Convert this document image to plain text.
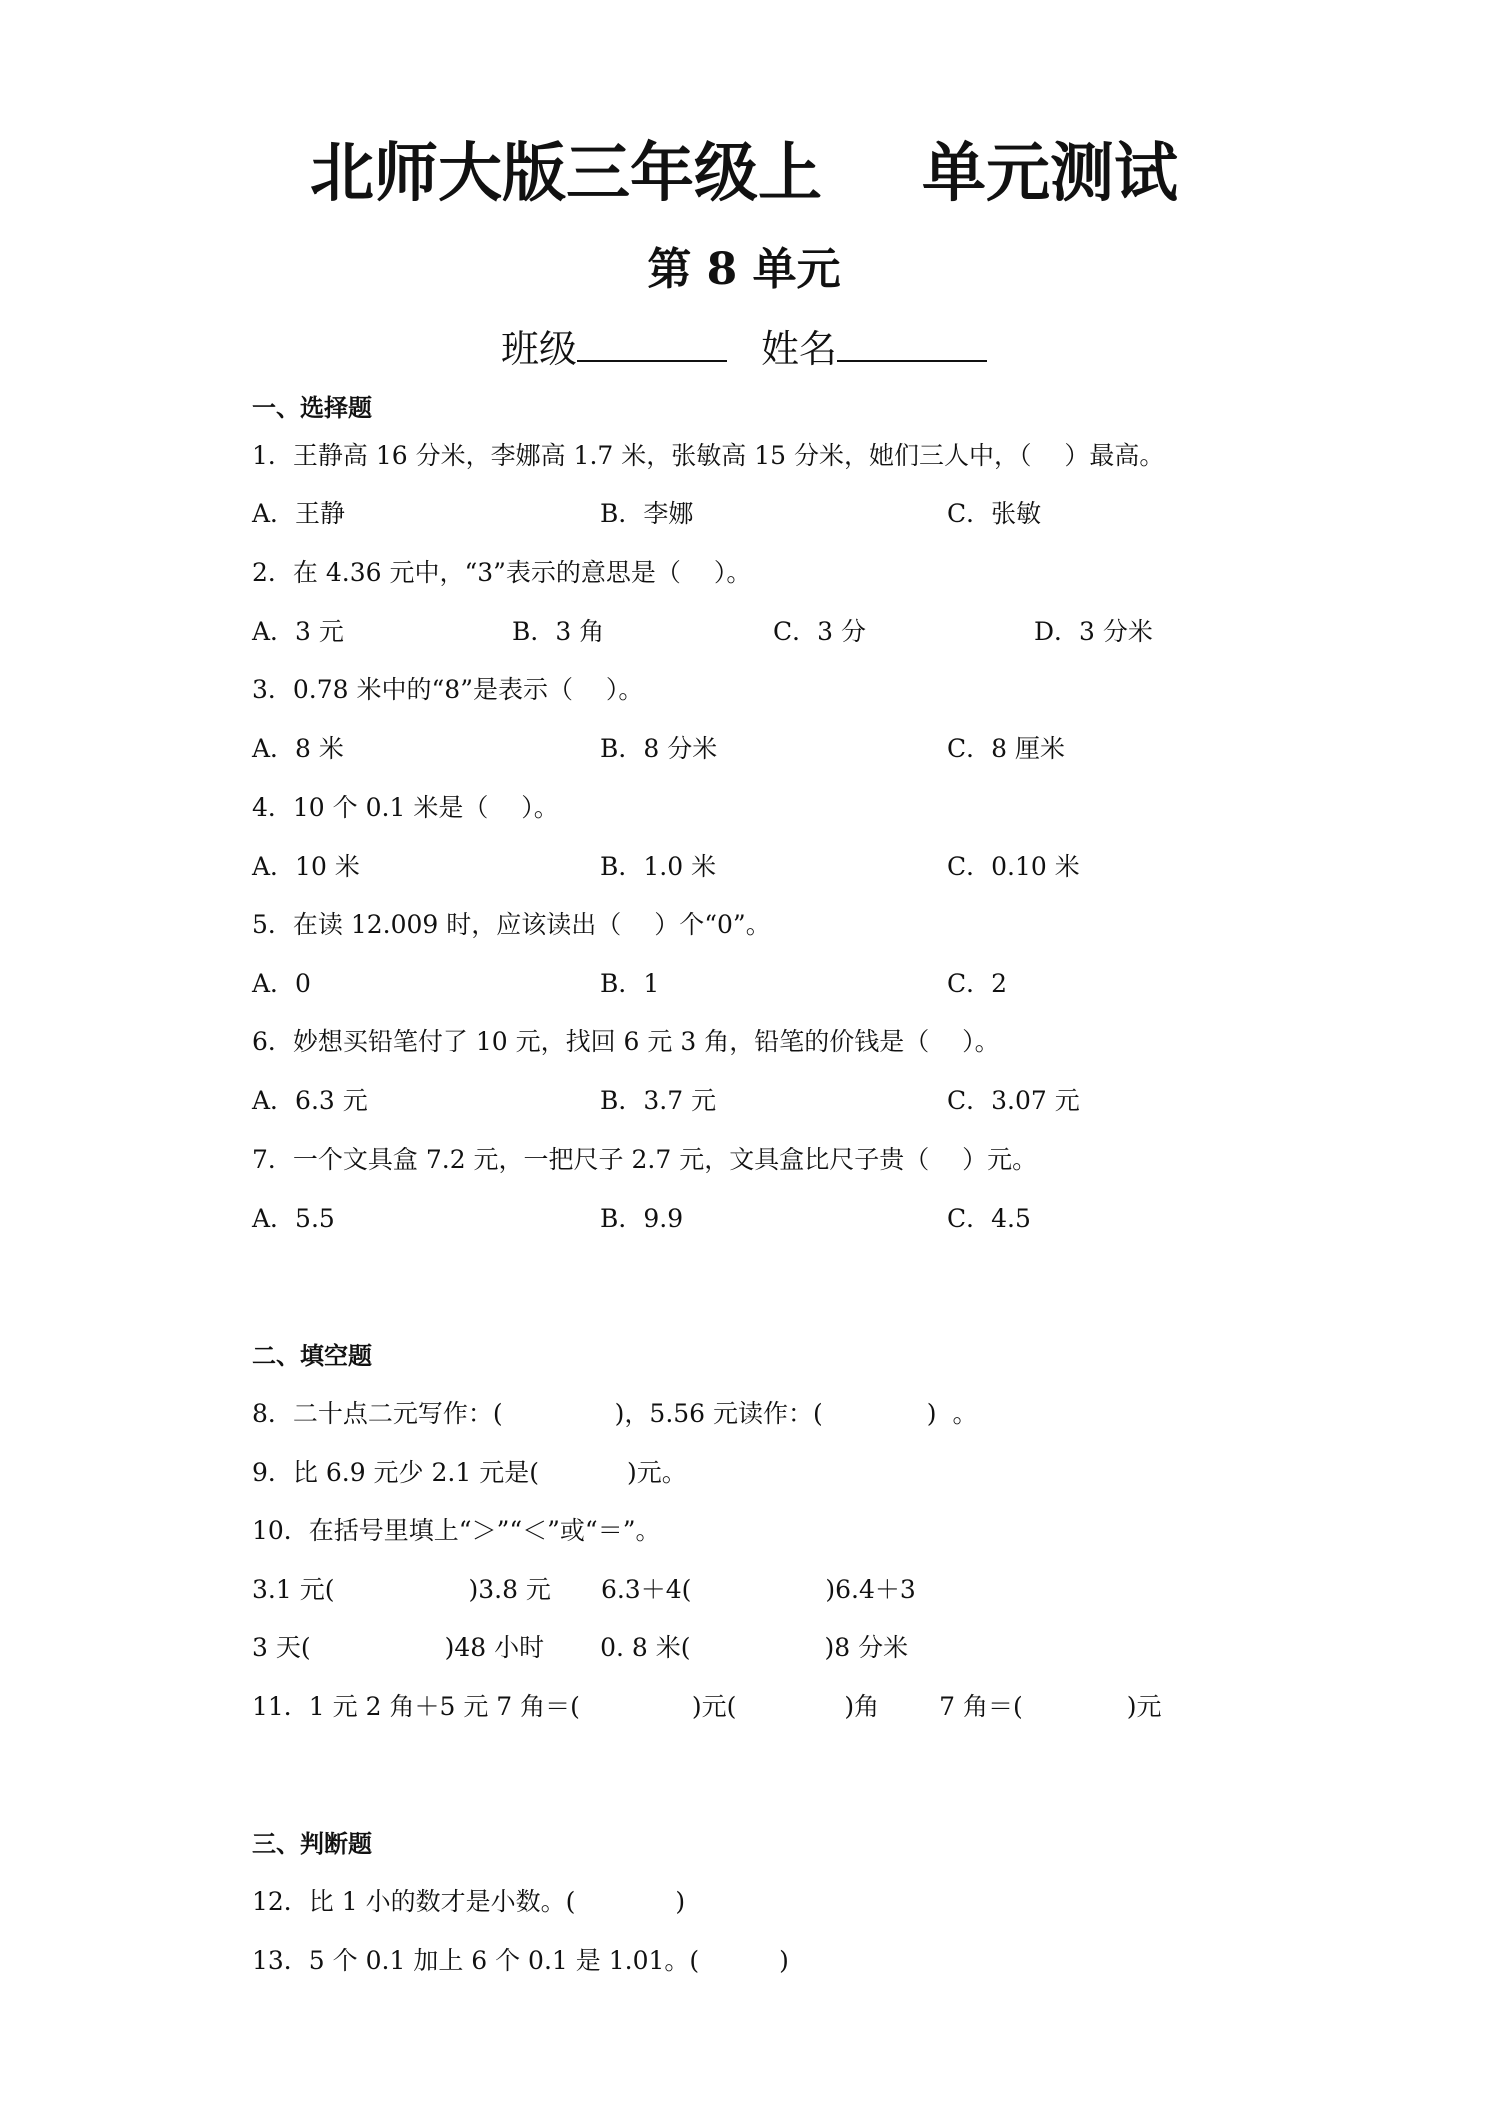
北师大版三年级上 单元测试
第 8 单元
班级	姓名
一、选择题
1．王静高 16 分米，李娜高 1.7 米，张敏高 15 分米，她们三人中，（　 ）最高。
A．王静	B．李娜	C．张敏
2．在 4.36 元中，“3”表示的意思是（　 ）。
A．3 元	B．3 角	C．3 分	D．3 分米
3．0.78 米中的“8”是表示（　 ）。
A．8 米	B．8 分米	C．8 厘米
4．10 个 0.1 米是（　 ）。
A．10 米	B．1.0 米	C．0.10 米
5．在读 12.009 时，应该读出（　 ）个“0”。
A．0	B．1	C．2
6．妙想买铅笔付了 10 元，找回 6 元 3 角，铅笔的价钱是（　 ）。
A．6.3 元	B．3.7 元	C．3.07 元
7．一个文具盒 7.2 元，一把尺子 2.7 元，文具盒比尺子贵（　 ）元。
A．5.5	B．9.9	C．4.5
二、填空题
8．二十点二元写作：(	)，5.56 元读作：(	)  。
9．比 6.9 元少 2.1 元是(	)元。
10．在括号里填上“＞”“＜”或“＝”。
3.1 元(	)3.8 元 6.3＋4(	)6.4＋3
3 天(	)48 小时 0. 8 米(	)8 分米
11．1 元 2 角＋5 元 7 角＝(	)元(	)角 7 角＝(	)元
三、判断题
12．比 1 小的数才是小数。(	)
13．5 个 0.1 加上 6 个 0.1 是 1.01。(	)
